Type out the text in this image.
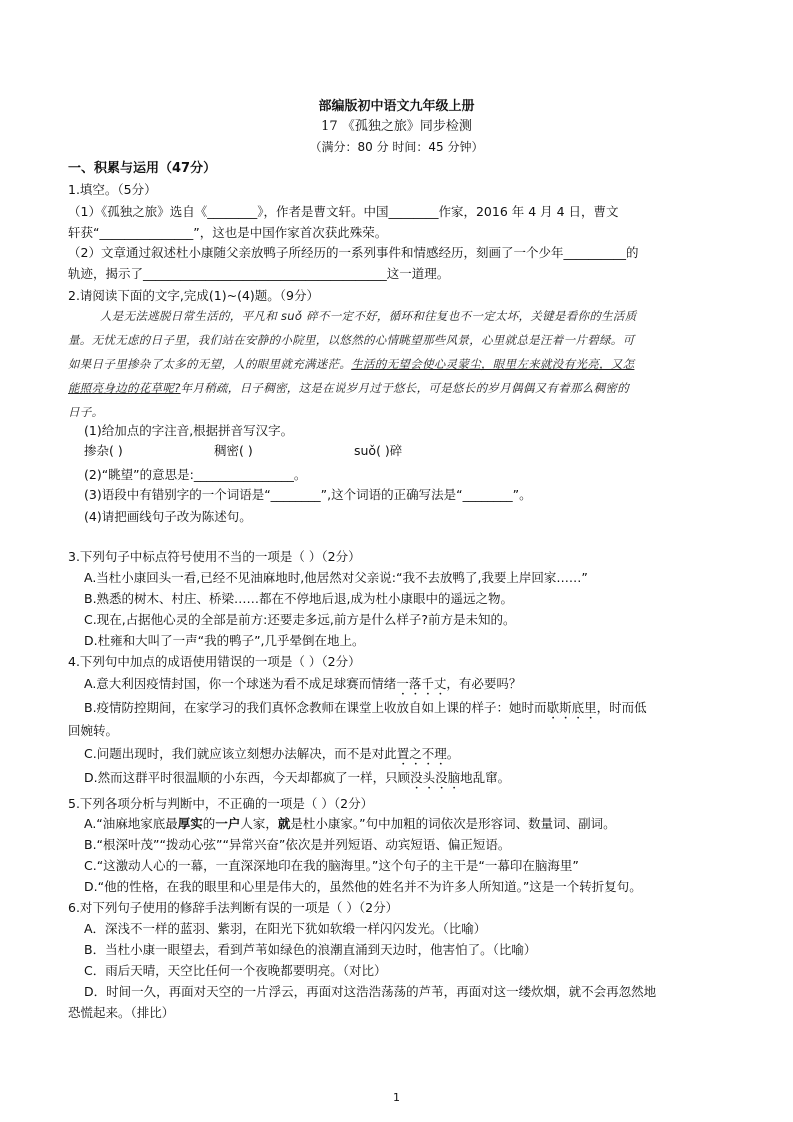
部编版初中语文九年级上册
17 《孤独之旅》同步检测
（满分：80 分 时间：45 分钟）
一、积累与运用（47分）
1.填空。（5分）
（1）《孤独之旅》选自《________》，作者是曹文轩。中国________作家，2016 年 4 月 4 日，曹文
轩获“_______________”，这也是中国作家首次获此殊荣。
（2）文章通过叙述杜小康随父亲放鸭子所经历的一系列事件和情感经历，刻画了一个少年__________的
轨迹，揭示了_______________________________________这一道理。
2.请阅读下面的文字,完成(1)~(4)题。（9分）
人是无法逃脱日常生活的，平凡和 suǒ 碎不一定不好，循环和往复也不一定太坏，关键是看你的生活质
量。无忧无虑的日子里，我们站在安静的小院里，以悠然的心情眺望那些风景，心里就总是汪着一片碧绿。可
如果日子里掺杂了太多的无望，人的眼里就充满迷茫。生活的无望会使心灵蒙尘，眼里左来就没有光亮，又怎
能照亮身边的花草呢?年月稍疏，日子稠密，这是在说岁月过于悠长，可是悠长的岁月偶偶又有着那么稠密的
日子。
(1)给加点的字注音,根据拼音写汉字。
掺杂( )	稠密( )	suǒ( )碎
(2)“眺望”的意思是:________________。
(3)语段中有错别字的一个词语是“________”,这个词语的正确写法是“________”。
(4)请把画线句子改为陈述句。
3.下列句子中标点符号使用不当的一项是（ ）（2分）
A.当杜小康回头一看,已经不见油麻地时,他居然对父亲说:“我不去放鸭了,我要上岸回家……”
B.熟悉的树木、村庄、桥梁……都在不停地后退,成为杜小康眼中的遥远之物。
C.现在,占据他心灵的全部是前方:还要走多远,前方是什么样子?前方是未知的。
D.杜雍和大叫了一声“我的鸭子”,几乎晕倒在地上。
4.下列句中加点的成语使用错误的一项是（ ）（2分）
A.意大利因疫情封国，你一个球迷为看不成足球赛而情绪一落千丈，有必要吗？
B.疫情防控期间，在家学习的我们真怀念教师在课堂上收放自如上课的样子：她时而歇斯底里，时而低
回婉转。
C.问题出现时，我们就应该立刻想办法解决，而不是对此置之不理。
D.然而这群平时很温顺的小东西，今天却都疯了一样，只顾没头没脑地乱窜。
5.下列各项分析与判断中，不正确的一项是（ ）（2分）
A.“油麻地家底最厚实的一户人家，就是杜小康家。”句中加粗的词依次是形容词、数量词、副词。
B.“根深叶茂”“拨动心弦”“异常兴奋”依次是并列短语、动宾短语、偏正短语。
C.“这激动人心的一幕，一直深深地印在我的脑海里。”这个句子的主干是“一幕印在脑海里”
D.“他的性格，在我的眼里和心里是伟大的，虽然他的姓名并不为许多人所知道。”这是一个转折复句。
6.对下列句子使用的修辞手法判断有误的一项是（ ）（2分）
A．深浅不一样的蓝羽、紫羽，在阳光下犹如软缎一样闪闪发光。（比喻）
B．当杜小康一眼望去，看到芦苇如绿色的浪潮直涌到天边时，他害怕了。（比喻）
C．雨后天晴，天空比任何一个夜晚都要明亮。（对比）
D．时间一久，再面对天空的一片浮云，再面对这浩浩荡荡的芦苇，再面对这一缕炊烟，就不会再忽然地
恐慌起来。（排比）
1
